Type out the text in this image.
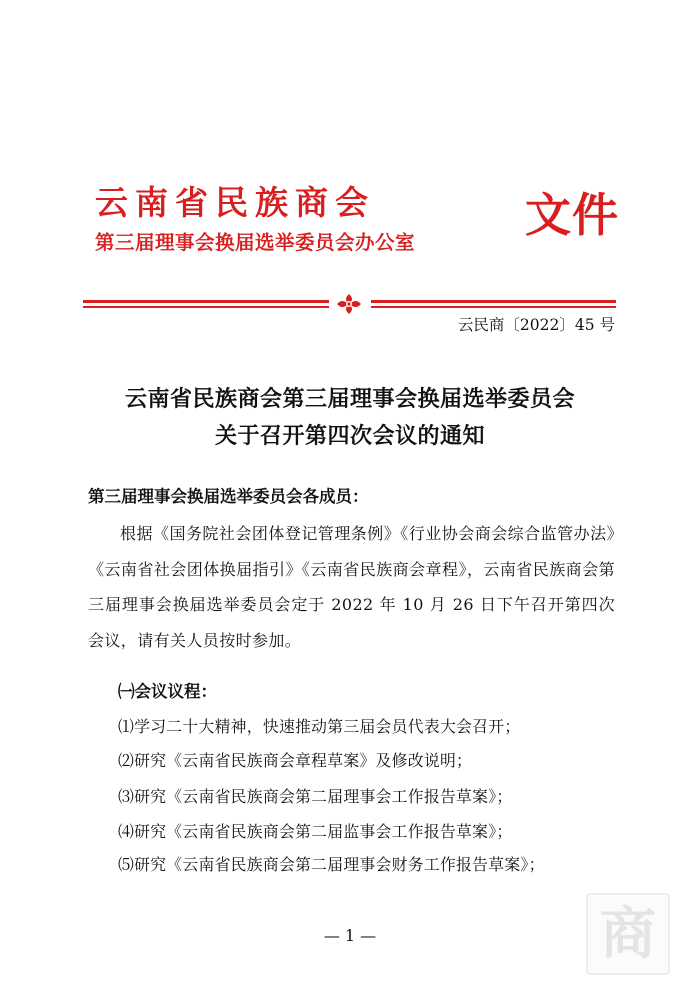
云南省民族商会
第三届理事会换届选举委员会办公室
文件
云民商〔2022〕45 号
云南省民族商会第三届理事会换届选举委员会
关于召开第四次会议的通知
第三届理事会换届选举委员会各成员：
根据《国务院社会团体登记管理条例》《行业协会商会综合监管办法》《云南省社会团体换届指引》《云南省民族商会章程》，云南省民族商会第三届理事会换届选举委员会定于 2022 年 10 月 26 日下午召开第四次会议，请有关人员按时参加。
㈠会议议程：
⑴学习二十大精神，快速推动第三届会员代表大会召开；
⑵研究《云南省民族商会章程草案》及修改说明；
⑶研究《云南省民族商会第二届理事会工作报告草案》；
⑷研究《云南省民族商会第二届监事会工作报告草案》；
⑸研究《云南省民族商会第二届理事会财务工作报告草案》；
— 1 —	商
